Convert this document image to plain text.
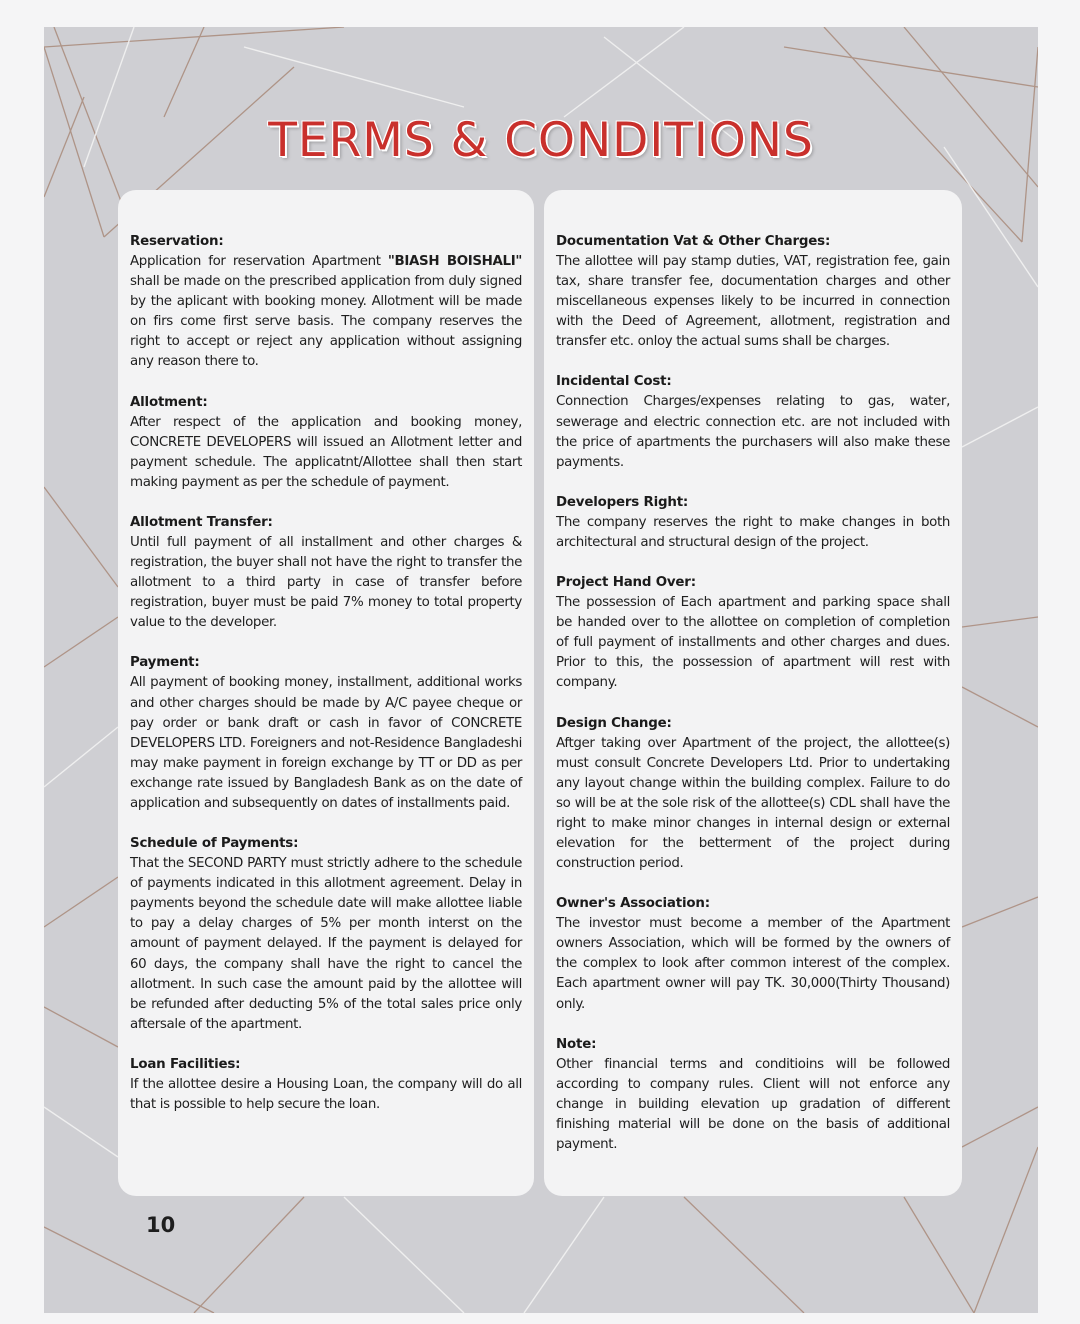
TERMS & CONDITIONS

Reservation:

Application for reservation Apartment "BIASH BOISHALI" shall be made on the prescribed application from duly signed by the aplicant with booking money. Allotment will be made on firs come first serve basis. The company reserves the right to accept or reject any application without assigning any reason there to.

Allotment:

After respect of the application and booking money, CONCRETE DEVELOPERS will issued an Allotment letter and payment schedule. The applicatnt/Allottee shall then start making payment as per the schedule of payment.

Allotment Transfer:

Until full payment of all installment and other charges & registration, the buyer shall not have the right to transfer the allotment to a third party in case of transfer before registration, buyer must be paid 7% money to total property value to the developer.

Payment:

All payment of booking money, installment, additional works and other charges should be made by A/C payee cheque or pay order or bank draft or cash in favor of CONCRETE DEVELOPERS LTD. Foreigners and not-Residence Bangladeshi may make payment in foreign exchange by TT or DD as per exchange rate issued by Bangladesh Bank as on the date of application and subsequently on dates of installments paid.

Schedule of Payments:

That the SECOND PARTY must strictly adhere to the schedule of payments indicated in this allotment agreement. Delay in payments beyond the schedule date will make allottee liable to pay a delay charges of 5% per month interst on the amount of payment delayed. If the payment is delayed for 60 days, the company shall have the right to cancel the allotment. In such case the amount paid by the allottee will be refunded after deducting 5% of the total sales price only aftersale of the apartment.

Loan Facilities:

If the allottee desire a Housing Loan, the company will do all that is possible to help secure the loan.

Documentation Vat & Other Charges:

The allottee will pay stamp duties, VAT, registration fee, gain tax, share transfer fee, documentation charges and other miscellaneous expenses likely to be incurred in connection with the Deed of Agreement, allotment, registration and transfer etc. onloy the actual sums shall be charges.

Incidental Cost:

Connection Charges/expenses relating to gas, water, sewerage and electric connection etc. are not included with the price of apartments the purchasers will also make these payments.

Developers Right:

The company reserves the right to make changes in both architectural and structural design of the project.

Project Hand Over:

The possession of Each apartment and parking space shall be handed over to the allottee on completion of completion of full payment of installments and other charges and dues. Prior to this, the possession of apartment will rest with company.

Design Change:

Aftger taking over Apartment of the project, the allottee(s) must consult Concrete Developers Ltd. Prior to undertaking any layout change within the building complex. Failure to do so will be at the sole risk of the allottee(s) CDL shall have the right to make minor changes in internal design or external elevation for the betterment of the project during construction period.

Owner's Association:

The investor must become a member of the Apartment owners Association, which will be formed by the owners of the complex to look after common interest of the complex. Each apartment owner will pay TK. 30,000(Thirty Thousand) only.

Note:

Other financial terms and conditioins will be followed according to company rules. Client will not enforce any change in building elevation up gradation of different finishing material will be done on the basis of additional payment.

10
